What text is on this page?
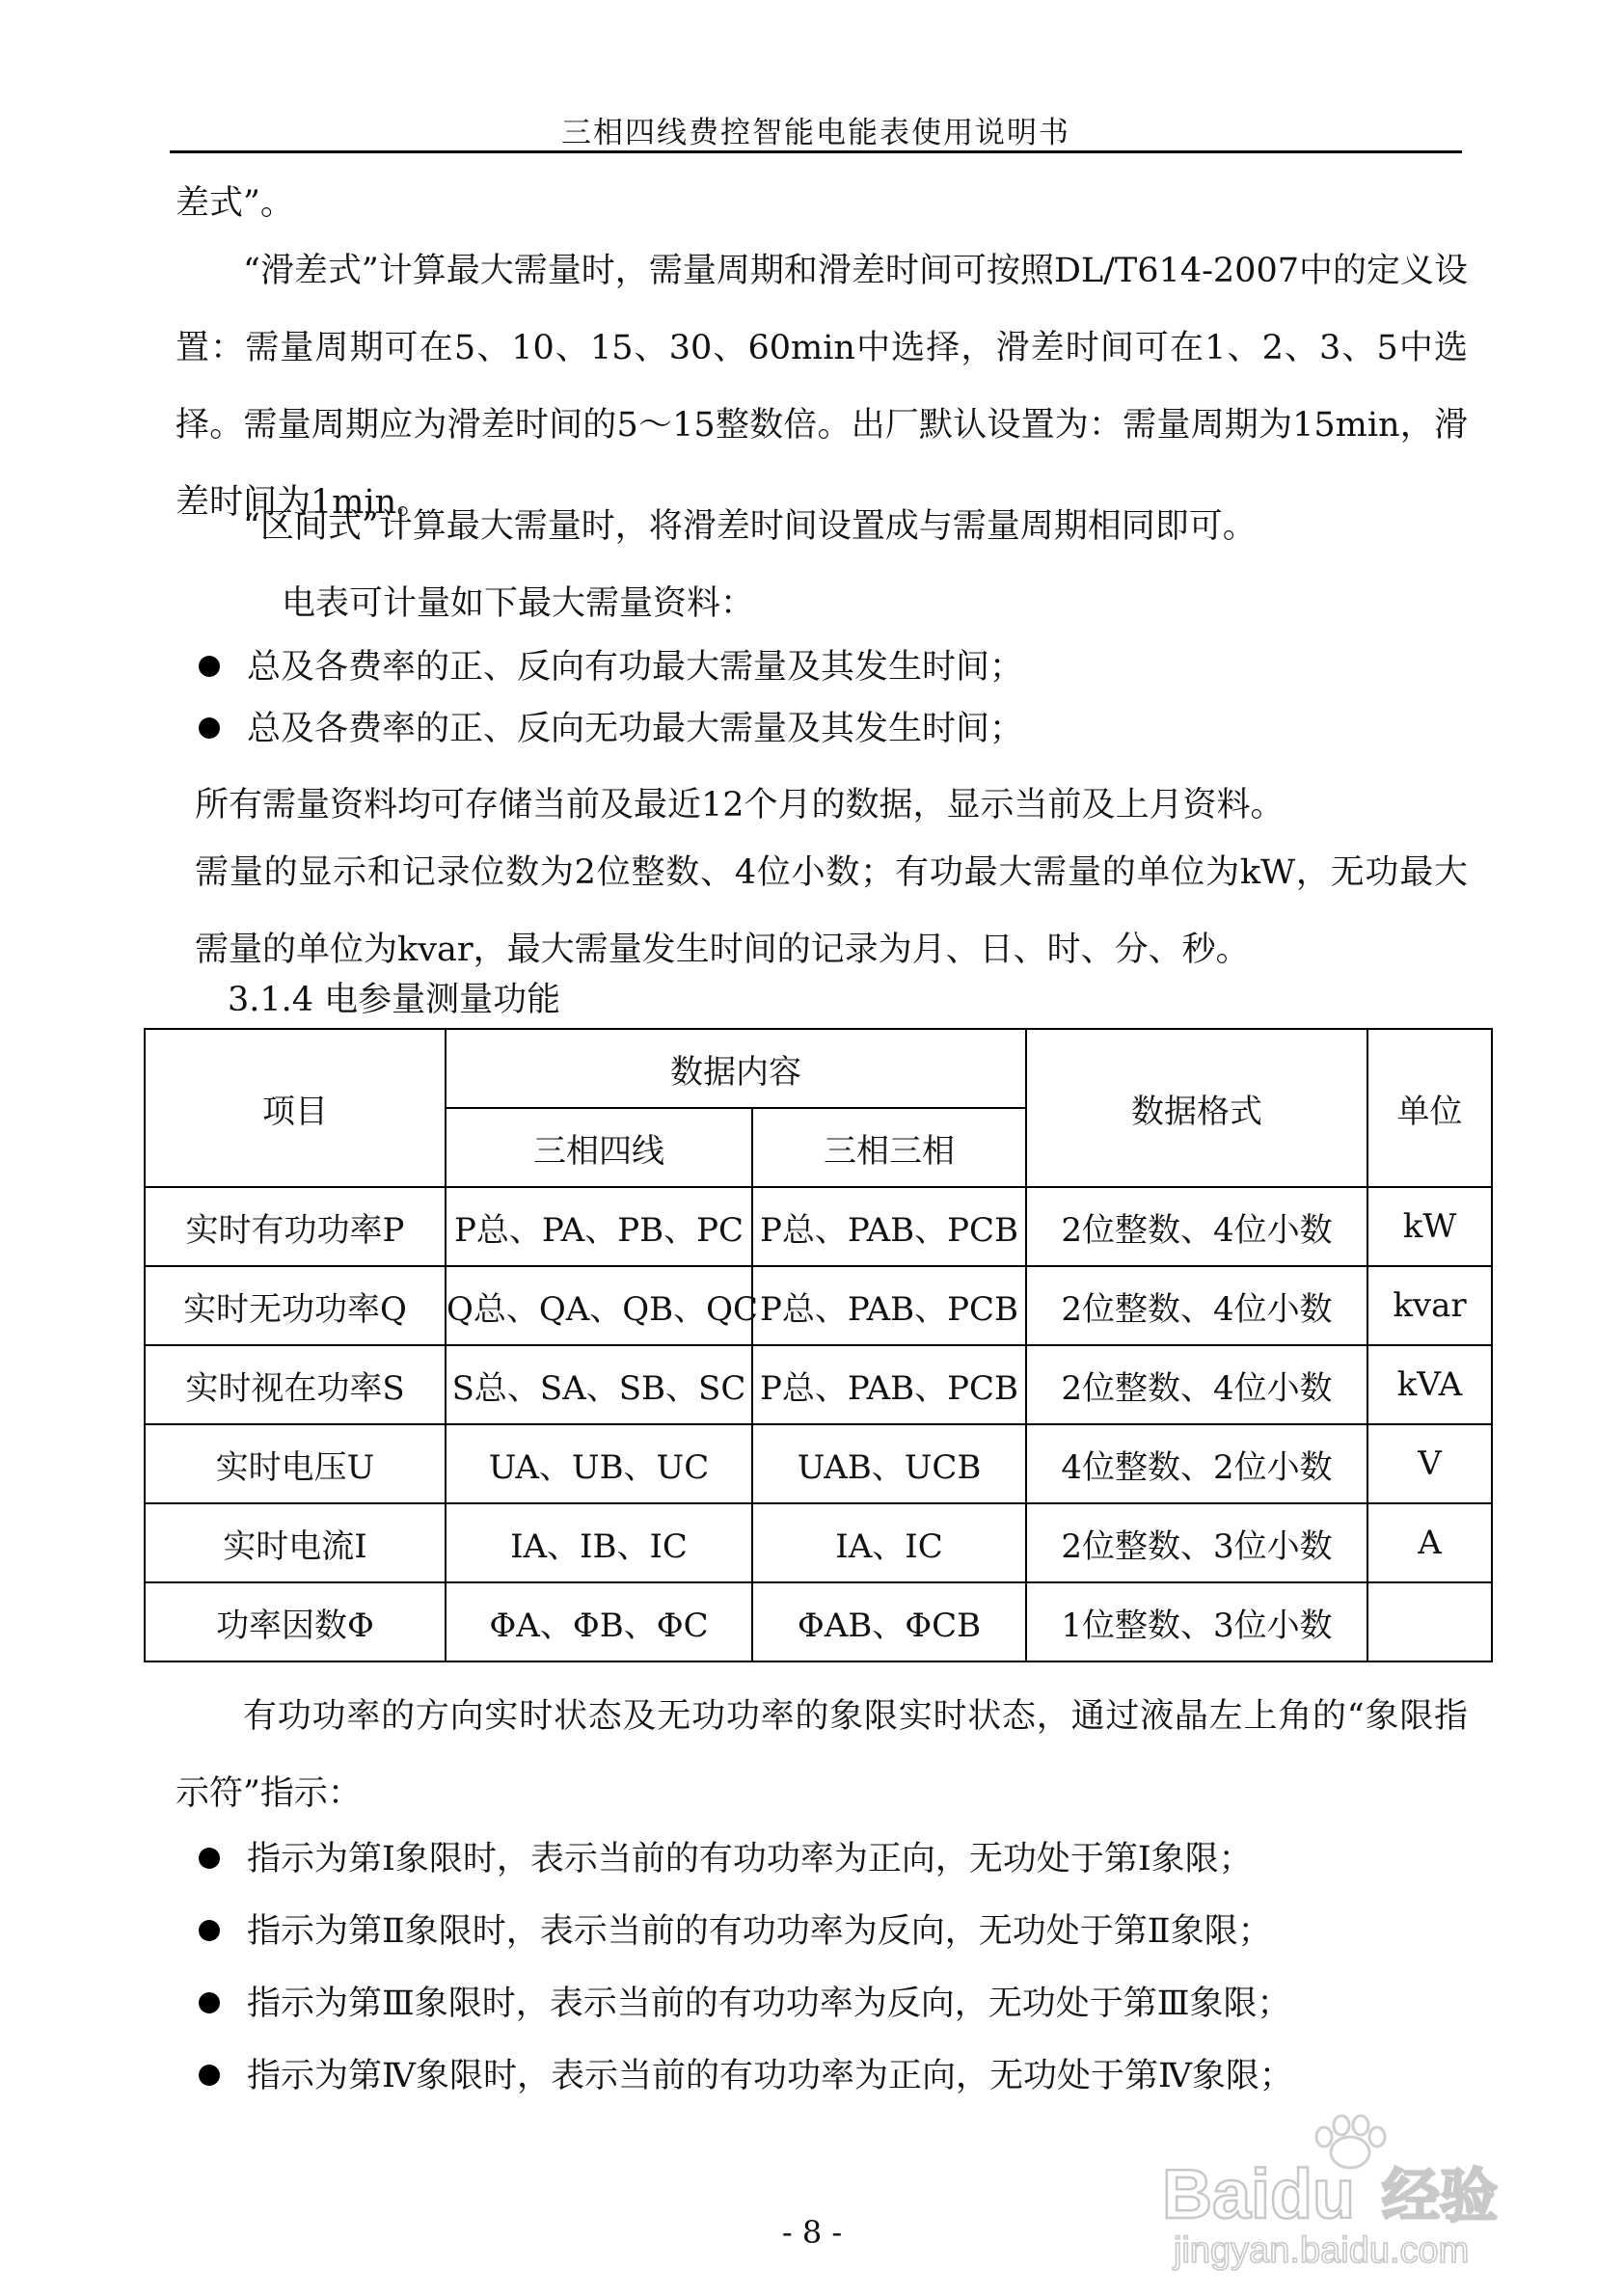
三相四线费控智能电能表使用说明书

差式”。

“滑差式”计算最大需量时，需量周期和滑差时间可按照DL/T614-2007中的定义设置：需量周期可在5、10、15、30、60min中选择，滑差时间可在1、2、3、5中选择。需量周期应为滑差时间的5～15整数倍。出厂默认设置为：需量周期为15min，滑差时间为1min。

“区间式”计算最大需量时，将滑差时间设置成与需量周期相同即可。

电表可计量如下最大需量资料：

总及各费率的正、反向有功最大需量及其发生时间；

总及各费率的正、反向无功最大需量及其发生时间；

所有需量资料均可存储当前及最近12个月的数据，显示当前及上月资料。

需量的显示和记录位数为2位整数、4位小数；有功最大需量的单位为kW，无功最大需量的单位为kvar，最大需量发生时间的记录为月、日、时、分、秒。

3.1.4 电参量测量功能

项目	数据内容		数据格式	单位
	三相四线	三相三相		
实时有功功率P	P总、PA、PB、PC	P总、PAB、PCB	2位整数、4位小数	kW
实时无功功率Q	Q总、QA、QB、QC	P总、PAB、PCB	2位整数、4位小数	kvar
实时视在功率S	S总、SA、SB、SC	P总、PAB、PCB	2位整数、4位小数	kVA
实时电压U	UA、UB、UC	UAB、UCB	4位整数、2位小数	V
实时电流I	IA、IB、IC	IA、IC	2位整数、3位小数	A
功率因数Φ	ΦA、ΦB、ΦC	ΦAB、ΦCB	1位整数、3位小数	

有功功率的方向实时状态及无功功率的象限实时状态，通过液晶左上角的“象限指示符”指示：

指示为第Ⅰ象限时，表示当前的有功功率为正向，无功处于第Ⅰ象限；

指示为第Ⅱ象限时，表示当前的有功功率为反向，无功处于第Ⅱ象限；

指示为第Ⅲ象限时，表示当前的有功功率为反向，无功处于第Ⅲ象限；

指示为第Ⅳ象限时，表示当前的有功功率为正向，无功处于第Ⅳ象限；

Baidu 经验
jingyan.baidu.com
- 8 -
